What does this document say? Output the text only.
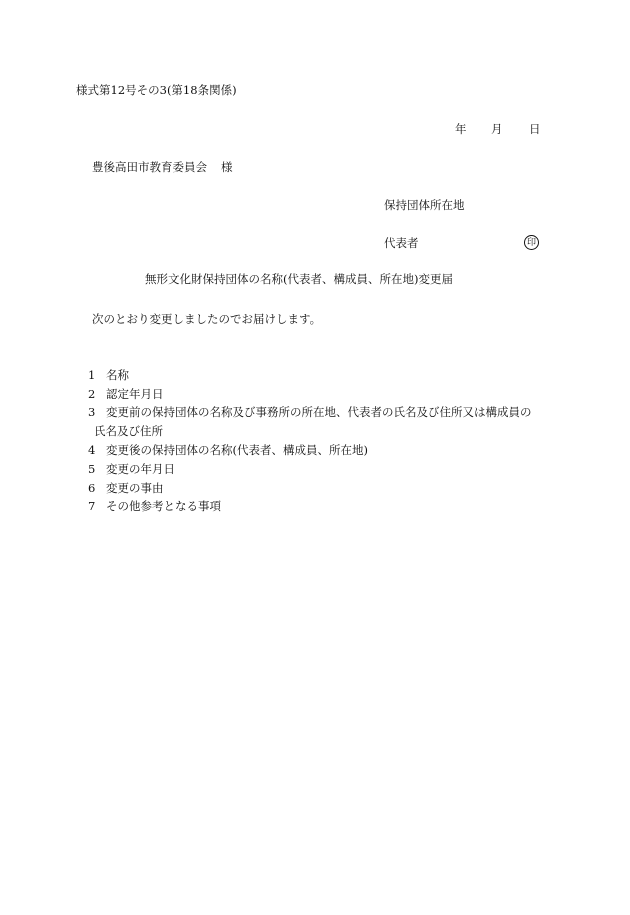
様式第12号その3(第18条関係)
年 月 日
豊後高田市教育委員会 様
保持団体所在地
代表者	印
無形文化財保持団体の名称(代表者、構成員、所在地)変更届
次のとおり変更しましたのでお届けします。
1 名称
2 認定年月日
3 変更前の保持団体の名称及び事務所の所在地、代表者の氏名及び住所又は構成員の
氏名及び住所
4 変更後の保持団体の名称(代表者、構成員、所在地)
5 変更の年月日
6 変更の事由
7 その他参考となる事項
